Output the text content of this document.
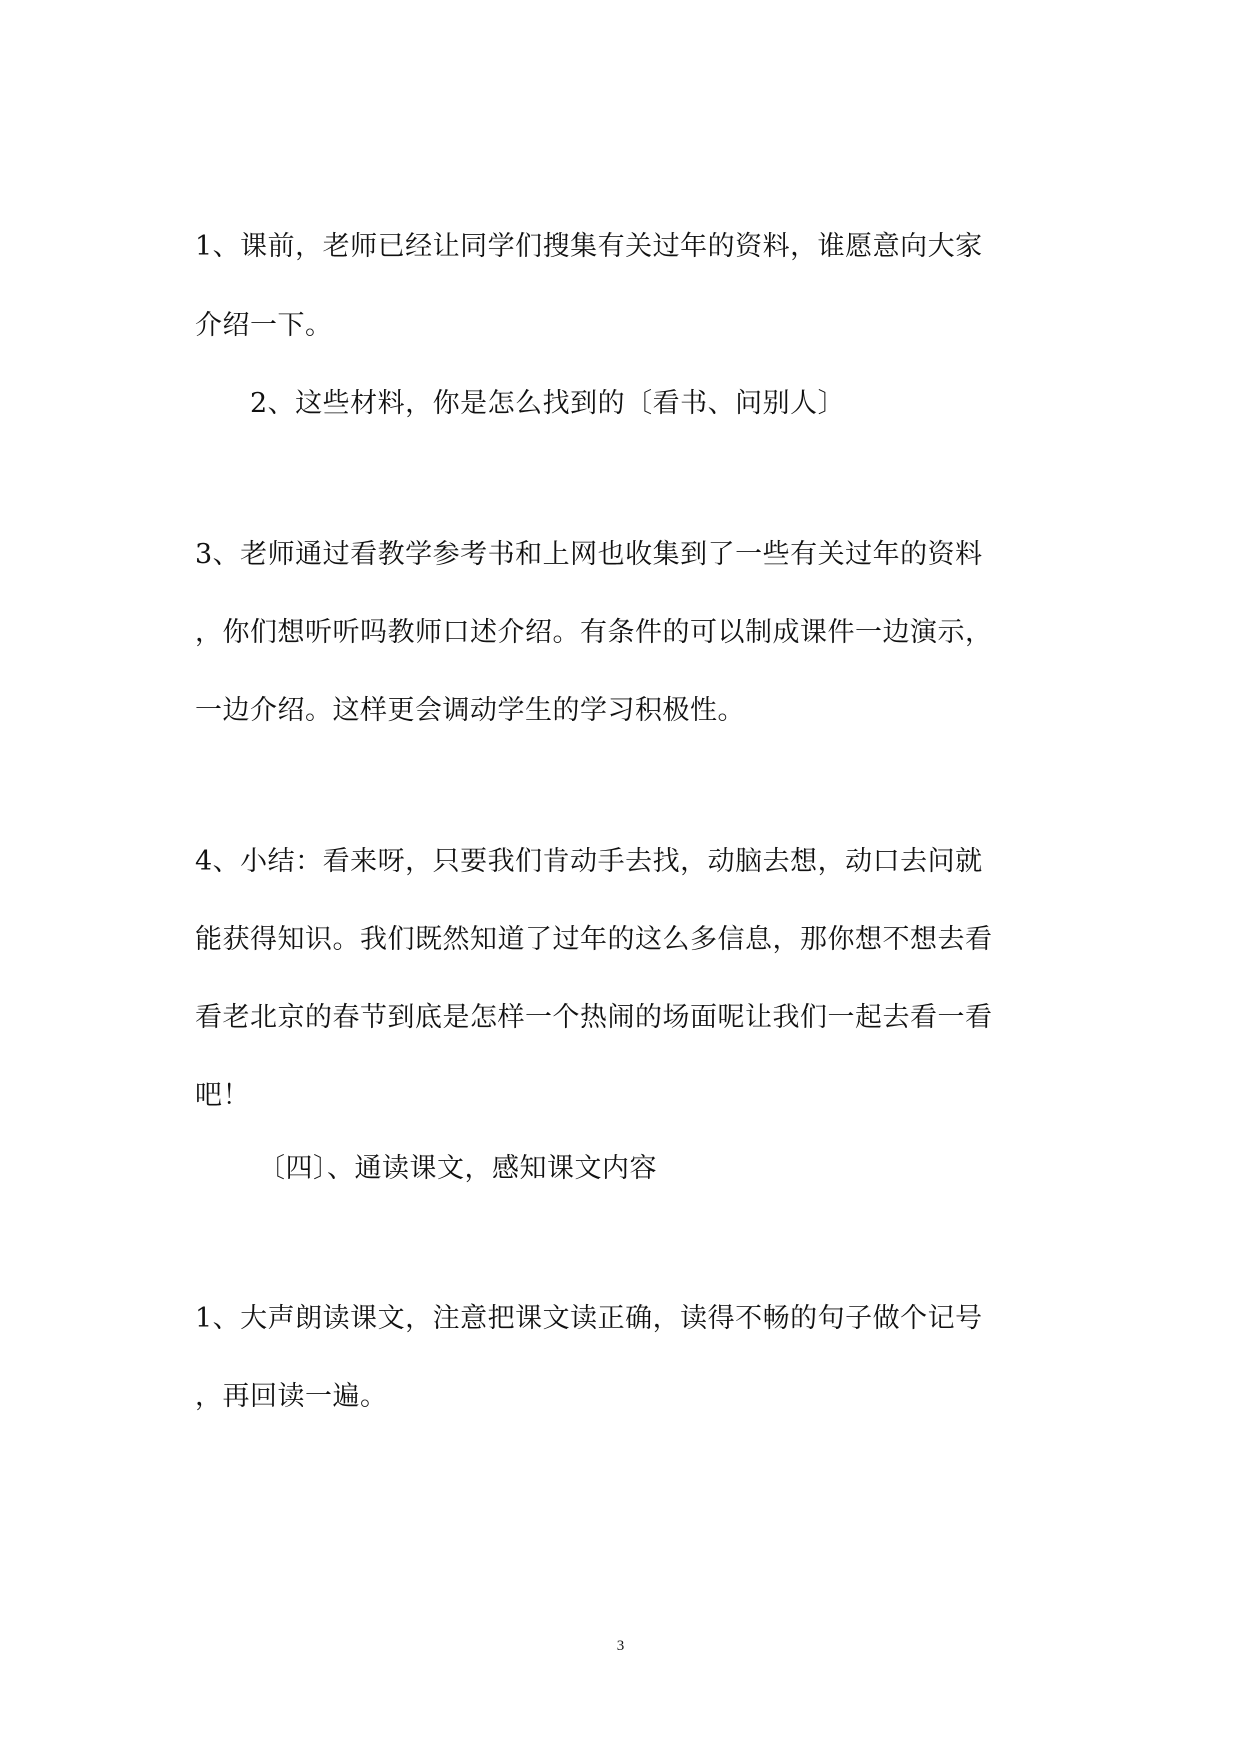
1、课前，老师已经让同学们搜集有关过年的资料，谁愿意向大家
介绍一下。
2、这些材料，你是怎么找到的〔看书、问别人〕
3、老师通过看教学参考书和上网也收集到了一些有关过年的资料
，你们想听听吗教师口述介绍。有条件的可以制成课件一边演示，
一边介绍。这样更会调动学生的学习积极性。
4、小结：看来呀，只要我们肯动手去找，动脑去想，动口去问就
能获得知识。我们既然知道了过年的这么多信息，那你想不想去看
看老北京的春节到底是怎样一个热闹的场面呢让我们一起去看一看
吧！
〔四〕、通读课文，感知课文内容
1、大声朗读课文，注意把课文读正确，读得不畅的句子做个记号
，再回读一遍。
3
